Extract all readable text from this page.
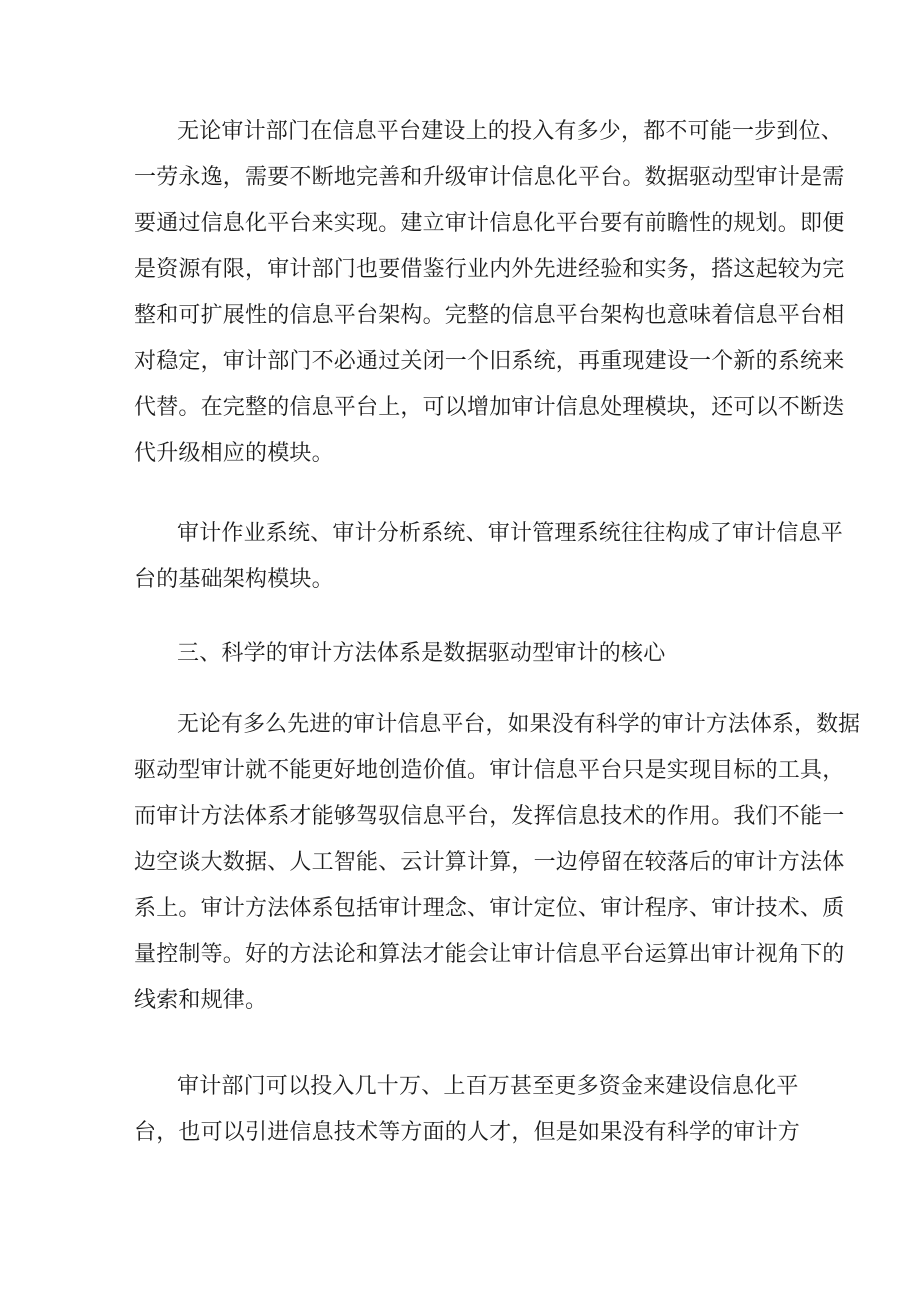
无论审计部门在信息平台建设上的投入有多少，都不可能一步到位、
一劳永逸，需要不断地完善和升级审计信息化平台。数据驱动型审计是需
要通过信息化平台来实现。建立审计信息化平台要有前瞻性的规划。即便
是资源有限，审计部门也要借鉴行业内外先进经验和实务，搭这起较为完
整和可扩展性的信息平台架构。完整的信息平台架构也意味着信息平台相
对稳定，审计部门不必通过关闭一个旧系统，再重现建设一个新的系统来
代替。在完整的信息平台上，可以增加审计信息处理模块，还可以不断迭
代升级相应的模块。
审计作业系统、审计分析系统、审计管理系统往往构成了审计信息平
台的基础架构模块。
三、科学的审计方法体系是数据驱动型审计的核心
无论有多么先进的审计信息平台，如果没有科学的审计方法体系，数据
驱动型审计就不能更好地创造价值。审计信息平台只是实现目标的工具，
而审计方法体系才能够驾驭信息平台，发挥信息技术的作用。我们不能一
边空谈大数据、人工智能、云计算计算，一边停留在较落后的审计方法体
系上。审计方法体系包括审计理念、审计定位、审计程序、审计技术、质
量控制等。好的方法论和算法才能会让审计信息平台运算出审计视角下的
线索和规律。
审计部门可以投入几十万、上百万甚至更多资金来建设信息化平
台，也可以引进信息技术等方面的人才，但是如果没有科学的审计方
